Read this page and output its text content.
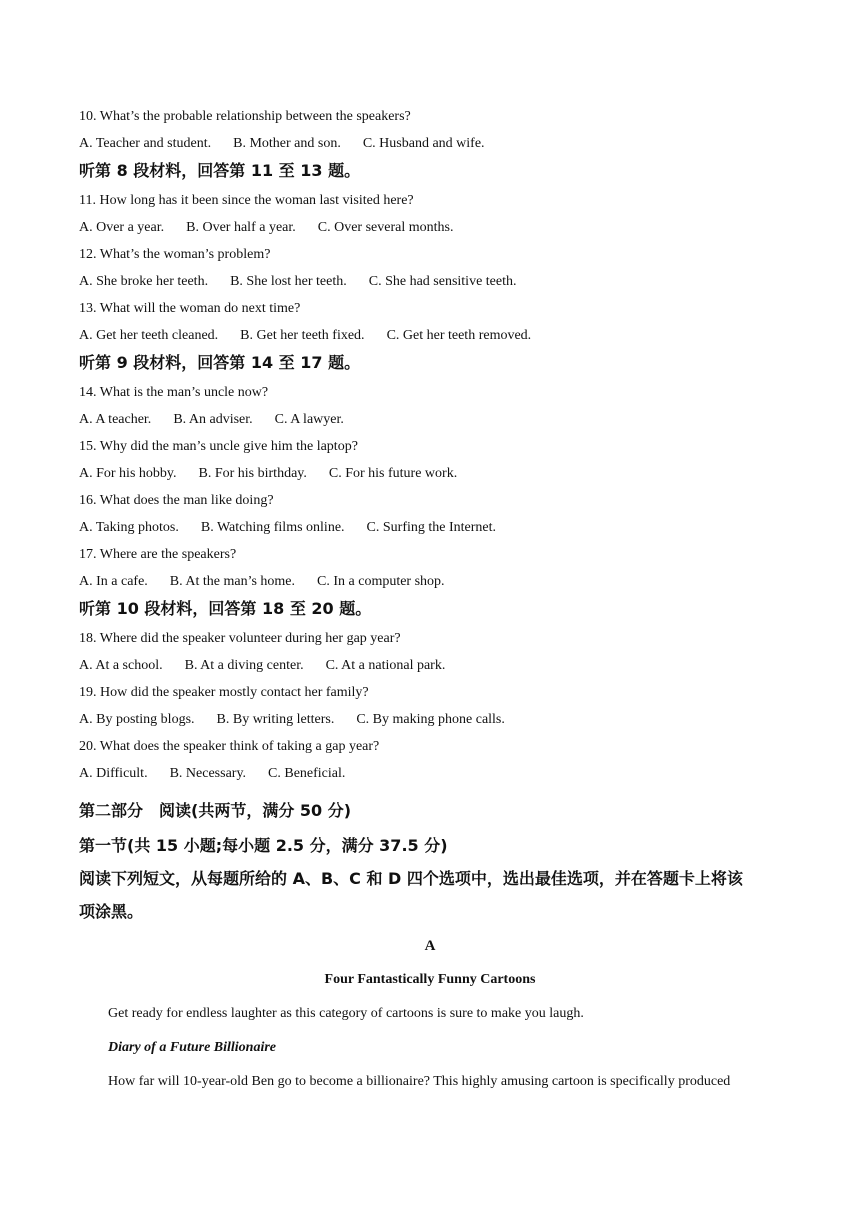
10. What’s the probable relationship between the speakers?
A. Teacher and student. B. Mother and son. C. Husband and wife.
听第 8 段材料，回答第 11 至 13 题。
11. How long has it been since the woman last visited here?
A. Over a year. B. Over half a year. C. Over several months.
12. What’s the woman’s problem?
A. She broke her teeth. B. She lost her teeth. C. She had sensitive teeth.
13. What will the woman do next time?
A. Get her teeth cleaned. B. Get her teeth fixed. C. Get her teeth removed.
听第 9 段材料，回答第 14 至 17 题。
14. What is the man’s uncle now?
A. A teacher. B. An adviser. C. A lawyer.
15. Why did the man’s uncle give him the laptop?
A. For his hobby. B. For his birthday. C. For his future work.
16. What does the man like doing?
A. Taking photos. B. Watching films online. C. Surfing the Internet.
17. Where are the speakers?
A. In a cafe. B. At the man’s home. C. In a computer shop.
听第 10 段材料，回答第 18 至 20 题。
18. Where did the speaker volunteer during her gap year?
A. At a school. B. At a diving center. C. At a national park.
19. How did the speaker mostly contact her family?
A. By posting blogs. B. By writing letters. C. By making phone calls.
20. What does the speaker think of taking a gap year?
A. Difficult. B. Necessary. C. Beneficial.
第二部分　阅读(共两节，满分 50 分)
第一节(共 15 小题;每小题 2.5 分，满分 37.5 分)
阅读下列短文，从每题所给的 A、B、C 和 D 四个选项中，选出最佳选项，并在答题卡上将该
项涂黑。
A
Four Fantastically Funny Cartoons
Get ready for endless laughter as this category of cartoons is sure to make you laugh.
Diary of a Future Billionaire
How far will 10-year-old Ben go to become a billionaire? This highly amusing cartoon is specifically produced
